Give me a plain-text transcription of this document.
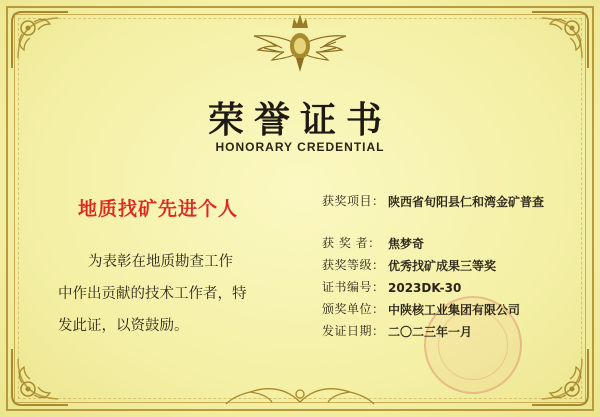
荣誉证书
HONORARY CREDENTIAL
地质找矿先进个人

为表彰在地质勘查工作

中作出贡献的技术工作者，特

发此证，以资鼓励。

获奖项目： 陕西省旬阳县仁和湾金矿普查
获 奖 者： 焦梦奇
获奖等级： 优秀找矿成果三等奖
证书编号： 2023DK-30
颁奖单位： 中陕核工业集团有限公司
发证日期： 二〇二三年一月
